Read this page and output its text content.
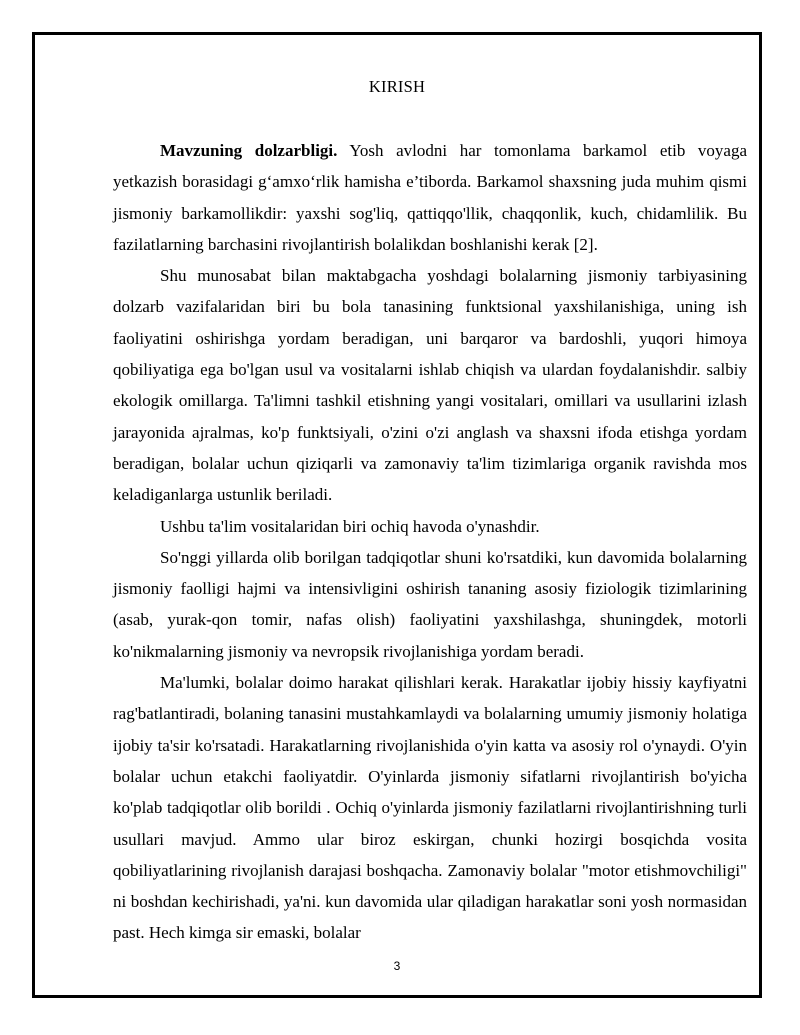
KIRISH

Mavzuning dolzarbligi. Yosh avlodni har tomonlama barkamol etib voyaga yetkazish borasidagi g‘amxo‘rlik hamisha e’tiborda. Barkamol shaxsning juda muhim qismi jismoniy barkamollikdir: yaxshi sog'liq, qattiqqo'llik, chaqqonlik, kuch, chidamlilik. Bu fazilatlarning barchasini rivojlantirish bolalikdan boshlanishi kerak [2].

Shu munosabat bilan maktabgacha yoshdagi bolalarning jismoniy tarbiyasining dolzarb vazifalaridan biri bu bola tanasining funktsional yaxshilanishiga, uning ish faoliyatini oshirishga yordam beradigan, uni barqaror va bardoshli, yuqori himoya qobiliyatiga ega bo'lgan usul va vositalarni ishlab chiqish va ulardan foydalanishdir. salbiy ekologik omillarga. Ta'limni tashkil etishning yangi vositalari, omillari va usullarini izlash jarayonida ajralmas, ko'p funktsiyali, o'zini o'zi anglash va shaxsni ifoda etishga yordam beradigan, bolalar uchun qiziqarli va zamonaviy ta'lim tizimlariga organik ravishda mos keladiganlarga ustunlik beriladi.

Ushbu ta'lim vositalaridan biri ochiq havoda o'ynashdir.

So'nggi yillarda olib borilgan tadqiqotlar shuni ko'rsatdiki, kun davomida bolalarning jismoniy faolligi hajmi va intensivligini oshirish tananing asosiy fiziologik tizimlarining (asab, yurak-qon tomir, nafas olish) faoliyatini yaxshilashga, shuningdek, motorli ko'nikmalarning jismoniy va nevropsik rivojlanishiga yordam beradi.

Ma'lumki, bolalar doimo harakat qilishlari kerak. Harakatlar ijobiy hissiy kayfiyatni rag'batlantiradi, bolaning tanasini mustahkamlaydi va bolalarning umumiy jismoniy holatiga ijobiy ta'sir ko'rsatadi. Harakatlarning rivojlanishida o'yin katta va asosiy rol o'ynaydi. O'yin bolalar uchun etakchi faoliyatdir. O'yinlarda jismoniy sifatlarni rivojlantirish bo'yicha ko'plab tadqiqotlar olib borildi . Ochiq o'yinlarda jismoniy fazilatlarni rivojlantirishning turli usullari mavjud. Ammo ular biroz eskirgan, chunki hozirgi bosqichda vosita qobiliyatlarining rivojlanish darajasi boshqacha. Zamonaviy bolalar "motor etishmovchiligi" ni boshdan kechirishadi, ya'ni. kun davomida ular qiladigan harakatlar soni yosh normasidan past. Hech kimga sir emaski, bolalar

3
